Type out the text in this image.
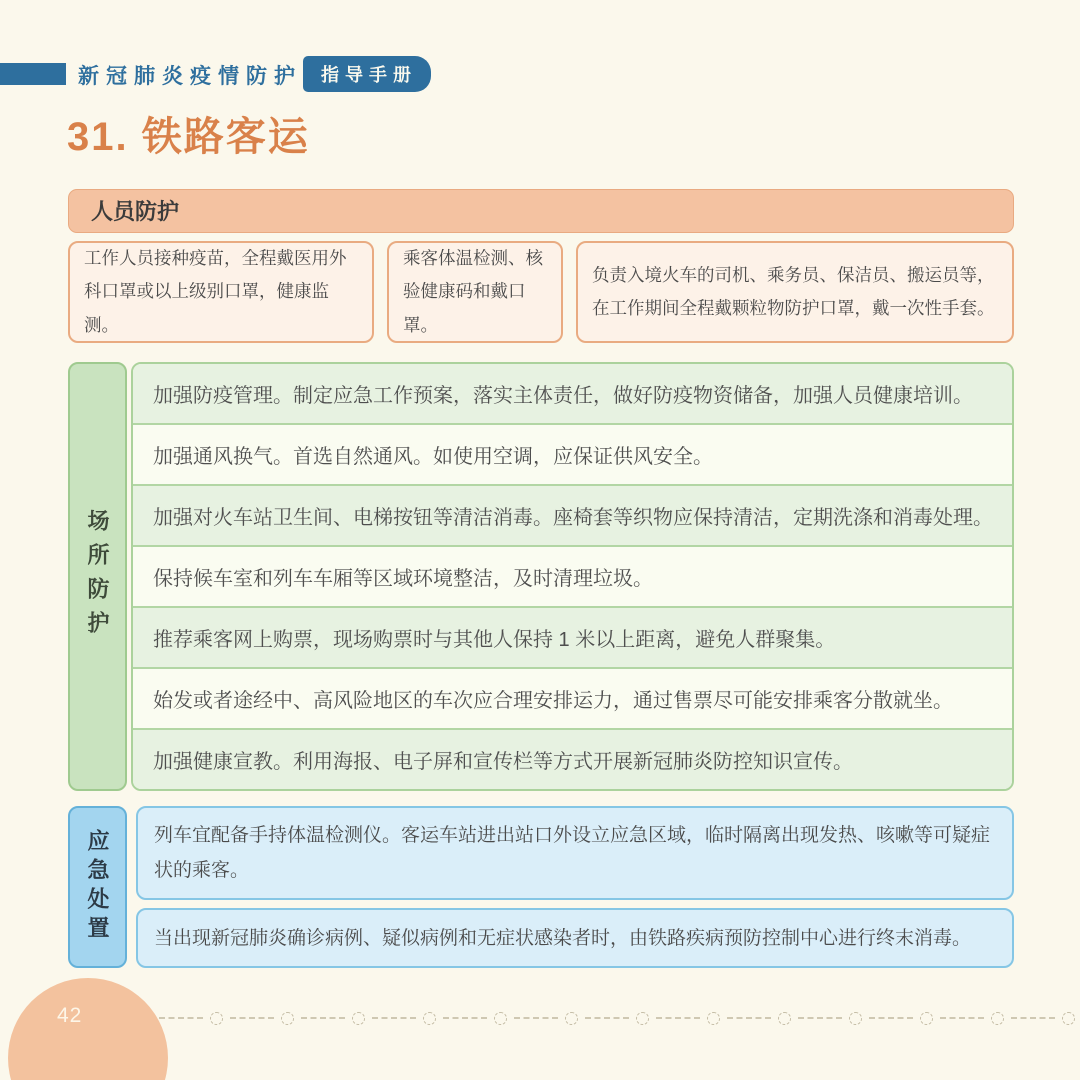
新冠肺炎疫情防护	指导手册
31. 铁路客运
人员防护
工作人员接种疫苗，全程戴医用外科口罩或以上级别口罩，健康监测。
乘客体温检测、核验健康码和戴口罩。
负责入境火车的司机、乘务员、保洁员、搬运员等，在工作期间全程戴颗粒物防护口罩，戴一次性手套。
场所防护
加强防疫管理。制定应急工作预案，落实主体责任，做好防疫物资储备，加强人员健康培训。
加强通风换气。首选自然通风。如使用空调，应保证供风安全。
加强对火车站卫生间、电梯按钮等清洁消毒。座椅套等织物应保持清洁，定期洗涤和消毒处理。
保持候车室和列车车厢等区域环境整洁，及时清理垃圾。
推荐乘客网上购票，现场购票时与其他人保持 1 米以上距离，避免人群聚集。
始发或者途经中、高风险地区的车次应合理安排运力，通过售票尽可能安排乘客分散就坐。
加强健康宣教。利用海报、电子屏和宣传栏等方式开展新冠肺炎防控知识宣传。
应急处置	列车宜配备手持体温检测仪。客运车站进出站口外设立应急区域，临时隔离出现发热、咳嗽等可疑症状的乘客。
当出现新冠肺炎确诊病例、疑似病例和无症状感染者时，由铁路疾病预防控制中心进行终末消毒。
42
